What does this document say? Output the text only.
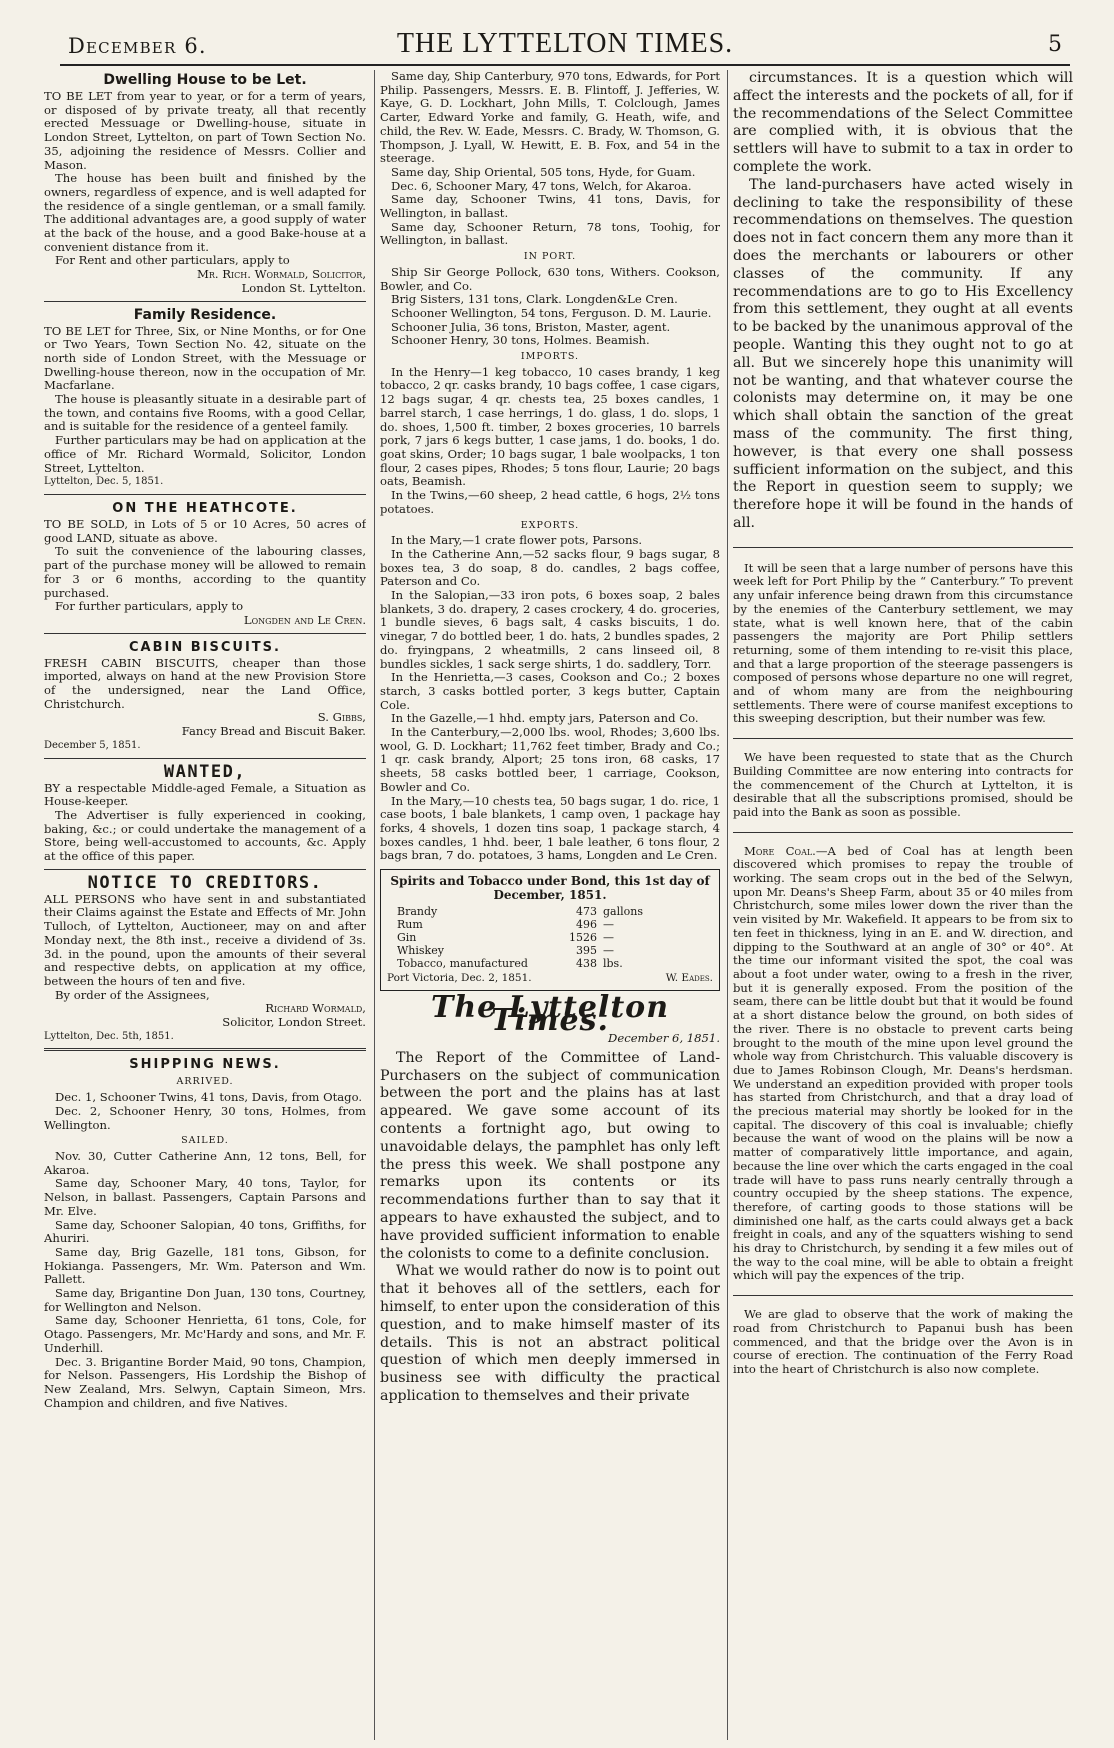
December 6.	THE LYTTELTON TIMES.	5
Dwelling House to be Let.

TO BE LET from year to year, or for a term of years, or disposed of by private treaty, all that recently erected Messuage or Dwelling-house, situate in London Street, Lyttelton, on part of Town Section No. 35, adjoining the residence of Messrs. Collier and Mason.

The house has been built and finished by the owners, regardless of expence, and is well adapted for the residence of a single gentleman, or a small family. The additional advantages are, a good supply of water at the back of the house, and a good Bake-house at a convenient distance from it.

For Rent and other particulars, apply to

Mr. Rich. Wormald, Solicitor,
London St. Lyttelton.
Family Residence.

TO BE LET for Three, Six, or Nine Months, or for One or Two Years, Town Section No. 42, situate on the north side of London Street, with the Messuage or Dwelling-house thereon, now in the occupation of Mr. Macfarlane.

The house is pleasantly situate in a desirable part of the town, and contains five Rooms, with a good Cellar, and is suitable for the residence of a genteel family.

Further particulars may be had on application at the office of Mr. Richard Wormald, Solicitor, London Street, Lyttelton.

Lyttelton, Dec. 5, 1851.
ON THE HEATHCOTE.

TO BE SOLD, in Lots of 5 or 10 Acres, 50 acres of good LAND, situate as above.

To suit the convenience of the labouring classes, part of the purchase money will be allowed to remain for 3 or 6 months, according to the quantity purchased.

For further particulars, apply to

Longden and Le Cren.
CABIN BISCUITS.

FRESH CABIN BISCUITS, cheaper than those imported, always on hand at the new Provision Store of the undersigned, near the Land Office, Christchurch.

S. Gibbs,
Fancy Bread and Biscuit Baker.
December 5, 1851.
WANTED,

BY a respectable Middle-aged Female, a Situation as House-keeper.

The Advertiser is fully experienced in cooking, baking, &c.; or could undertake the management of a Store, being well-accustomed to accounts, &c. Apply at the office of this paper.

NOTICE TO CREDITORS.

ALL PERSONS who have sent in and substantiated their Claims against the Estate and Effects of Mr. John Tulloch, of Lyttelton, Auctioneer, may on and after Monday next, the 8th inst., receive a dividend of 3s. 3d. in the pound, upon the amounts of their several and respective debts, on application at my office, between the hours of ten and five.

By order of the Assignees,

Richard Wormald,
Solicitor, London Street.
Lyttelton, Dec. 5th, 1851.
SHIPPING NEWS.
ARRIVED.

Dec. 1, Schooner Twins, 41 tons, Davis, from Otago.

Dec. 2, Schooner Henry, 30 tons, Holmes, from Wellington.

SAILED.

Nov. 30, Cutter Catherine Ann, 12 tons, Bell, for Akaroa.

Same day, Schooner Mary, 40 tons, Taylor, for Nelson, in ballast. Passengers, Captain Parsons and Mr. Elve.

Same day, Schooner Salopian, 40 tons, Griffiths, for Ahuriri.

Same day, Brig Gazelle, 181 tons, Gibson, for Hokianga. Passengers, Mr. Wm. Paterson and Wm. Pallett.

Same day, Brigantine Don Juan, 130 tons, Courtney, for Wellington and Nelson.

Same day, Schooner Henrietta, 61 tons, Cole, for Otago. Passengers, Mr. Mc'Hardy and sons, and Mr. F. Underhill.

Dec. 3. Brigantine Border Maid, 90 tons, Champion, for Nelson. Passengers, His Lordship the Bishop of New Zealand, Mrs. Selwyn, Captain Simeon, Mrs. Champion and children, and five Natives.

Same day, Ship Canterbury, 970 tons, Edwards, for Port Philip. Passengers, Messrs. E. B. Flintoff, J. Jefferies, W. Kaye, G. D. Lockhart, John Mills, T. Colclough, James Carter, Edward Yorke and family, G. Heath, wife, and child, the Rev. W. Eade, Messrs. C. Brady, W. Thomson, G. Thompson, J. Lyall, W. Hewitt, E. B. Fox, and 54 in the steerage.

Same day, Ship Oriental, 505 tons, Hyde, for Guam.

Dec. 6, Schooner Mary, 47 tons, Welch, for Akaroa.

Same day, Schooner Twins, 41 tons, Davis, for Wellington, in ballast.

Same day, Schooner Return, 78 tons, Toohig, for Wellington, in ballast.

IN PORT.

Ship Sir George Pollock, 630 tons, Withers. Cookson, Bowler, and Co.

Brig Sisters, 131 tons, Clark. Longden&Le Cren.

Schooner Wellington, 54 tons, Ferguson. D. M. Laurie.

Schooner Julia, 36 tons, Briston, Master, agent.

Schooner Henry, 30 tons, Holmes. Beamish.

IMPORTS.

In the Henry—1 keg tobacco, 10 cases brandy, 1 keg tobacco, 2 qr. casks brandy, 10 bags coffee, 1 case cigars, 12 bags sugar, 4 qr. chests tea, 25 boxes candles, 1 barrel starch, 1 case herrings, 1 do. glass, 1 do. slops, 1 do. shoes, 1,500 ft. timber, 2 boxes groceries, 10 barrels pork, 7 jars 6 kegs butter, 1 case jams, 1 do. books, 1 do. goat skins, Order; 10 bags sugar, 1 bale woolpacks, 1 ton flour, 2 cases pipes, Rhodes; 5 tons flour, Laurie; 20 bags oats, Beamish.

In the Twins,—60 sheep, 2 head cattle, 6 hogs, 2½ tons potatoes.

EXPORTS.

In the Mary,—1 crate flower pots, Parsons.

In the Catherine Ann,—52 sacks flour, 9 bags sugar, 8 boxes tea, 3 do soap, 8 do. candles, 2 bags coffee, Paterson and Co.

In the Salopian,—33 iron pots, 6 boxes soap, 2 bales blankets, 3 do. drapery, 2 cases crockery, 4 do. groceries, 1 bundle sieves, 6 bags salt, 4 casks biscuits, 1 do. vinegar, 7 do bottled beer, 1 do. hats, 2 bundles spades, 2 do. fryingpans, 2 wheatmills, 2 cans linseed oil, 8 bundles sickles, 1 sack serge shirts, 1 do. saddlery, Torr.

In the Henrietta,—3 cases, Cookson and Co.; 2 boxes starch, 3 casks bottled porter, 3 kegs butter, Captain Cole.

In the Gazelle,—1 hhd. empty jars, Paterson and Co.

In the Canterbury,—2,000 lbs. wool, Rhodes; 3,600 lbs. wool, G. D. Lockhart; 11,762 feet timber, Brady and Co.; 1 qr. cask brandy, Alport; 25 tons iron, 68 casks, 17 sheets, 58 casks bottled beer, 1 carriage, Cookson, Bowler and Co.

In the Mary,—10 chests tea, 50 bags sugar, 1 do. rice, 1 case boots, 1 bale blankets, 1 camp oven, 1 package hay forks, 4 shovels, 1 dozen tins soap, 1 package starch, 4 boxes candles, 1 hhd. beer, 1 bale leather, 6 tons flour, 2 bags bran, 7 do. potatoes, 3 hams, Longden and Le Cren.

Spirits and Tobacco under Bond, this 1st day of December, 1851.
Brandy	473 gallons
Rum	496 —
Gin	1526 —
Whiskey	395 —
Tobacco, manufactured	438 lbs.
Port Victoria, Dec. 2, 1851.	W. Eades.
The Lyttelton Times. December 6, 1851.

The Report of the Committee of Land-Purchasers on the subject of communication between the port and the plains has at last appeared. We gave some account of its contents a fortnight ago, but owing to unavoidable delays, the pamphlet has only left the press this week. We shall postpone any remarks upon its contents or its recommendations further than to say that it appears to have exhausted the subject, and to have provided sufficient information to enable the colonists to come to a definite conclusion.

What we would rather do now is to point out that it behoves all of the settlers, each for himself, to enter upon the consideration of this question, and to make himself master of its details. This is not an abstract political question of which men deeply immersed in business see with difficulty the practical application to themselves and their private

circumstances. It is a question which will affect the interests and the pockets of all, for if the recommendations of the Select Committee are complied with, it is obvious that the settlers will have to submit to a tax in order to complete the work.

The land-purchasers have acted wisely in declining to take the responsibility of these recommendations on themselves. The question does not in fact concern them any more than it does the merchants or labourers or other classes of the community. If any recommendations are to go to His Excellency from this settlement, they ought at all events to be backed by the unanimous approval of the people. Wanting this they ought not to go at all. But we sincerely hope this unanimity will not be wanting, and that whatever course the colonists may determine on, it may be one which shall obtain the sanction of the great mass of the community. The first thing, however, is that every one shall possess sufficient information on the subject, and this the Report in question seem to supply; we therefore hope it will be found in the hands of all.

It will be seen that a large number of persons have this week left for Port Philip by the “ Canterbury.” To prevent any unfair inference being drawn from this circumstance by the enemies of the Canterbury settlement, we may state, what is well known here, that of the cabin passengers the majority are Port Philip settlers returning, some of them intending to re-visit this place, and that a large proportion of the steerage passengers is composed of persons whose departure no one will regret, and of whom many are from the neighbouring settlements. There were of course manifest exceptions to this sweeping description, but their number was few.

We have been requested to state that as the Church Building Committee are now entering into contracts for the commencement of the Church at Lyttelton, it is desirable that all the subscriptions promised, should be paid into the Bank as soon as possible.

More Coal.—A bed of Coal has at length been discovered which promises to repay the trouble of working. The seam crops out in the bed of the Selwyn, upon Mr. Deans's Sheep Farm, about 35 or 40 miles from Christchurch, some miles lower down the river than the vein visited by Mr. Wakefield. It appears to be from six to ten feet in thickness, lying in an E. and W. direction, and dipping to the Southward at an angle of 30° or 40°. At the time our informant visited the spot, the coal was about a foot under water, owing to a fresh in the river, but it is generally exposed. From the position of the seam, there can be little doubt but that it would be found at a short distance below the ground, on both sides of the river. There is no obstacle to prevent carts being brought to the mouth of the mine upon level ground the whole way from Christchurch. This valuable discovery is due to James Robinson Clough, Mr. Deans's herdsman. We understand an expedition provided with proper tools has started from Christchurch, and that a dray load of the precious material may shortly be looked for in the capital. The discovery of this coal is invaluable; chiefly because the want of wood on the plains will be now a matter of comparatively little importance, and again, because the line over which the carts engaged in the coal trade will have to pass runs nearly centrally through a country occupied by the sheep stations. The expence, therefore, of carting goods to those stations will be diminished one half, as the carts could always get a back freight in coals, and any of the squatters wishing to send his dray to Christchurch, by sending it a few miles out of the way to the coal mine, will be able to obtain a freight which will pay the expences of the trip.

We are glad to observe that the work of making the road from Christchurch to Papanui bush has been commenced, and that the bridge over the Avon is in course of erection. The continuation of the Ferry Road into the heart of Christchurch is also now complete.
